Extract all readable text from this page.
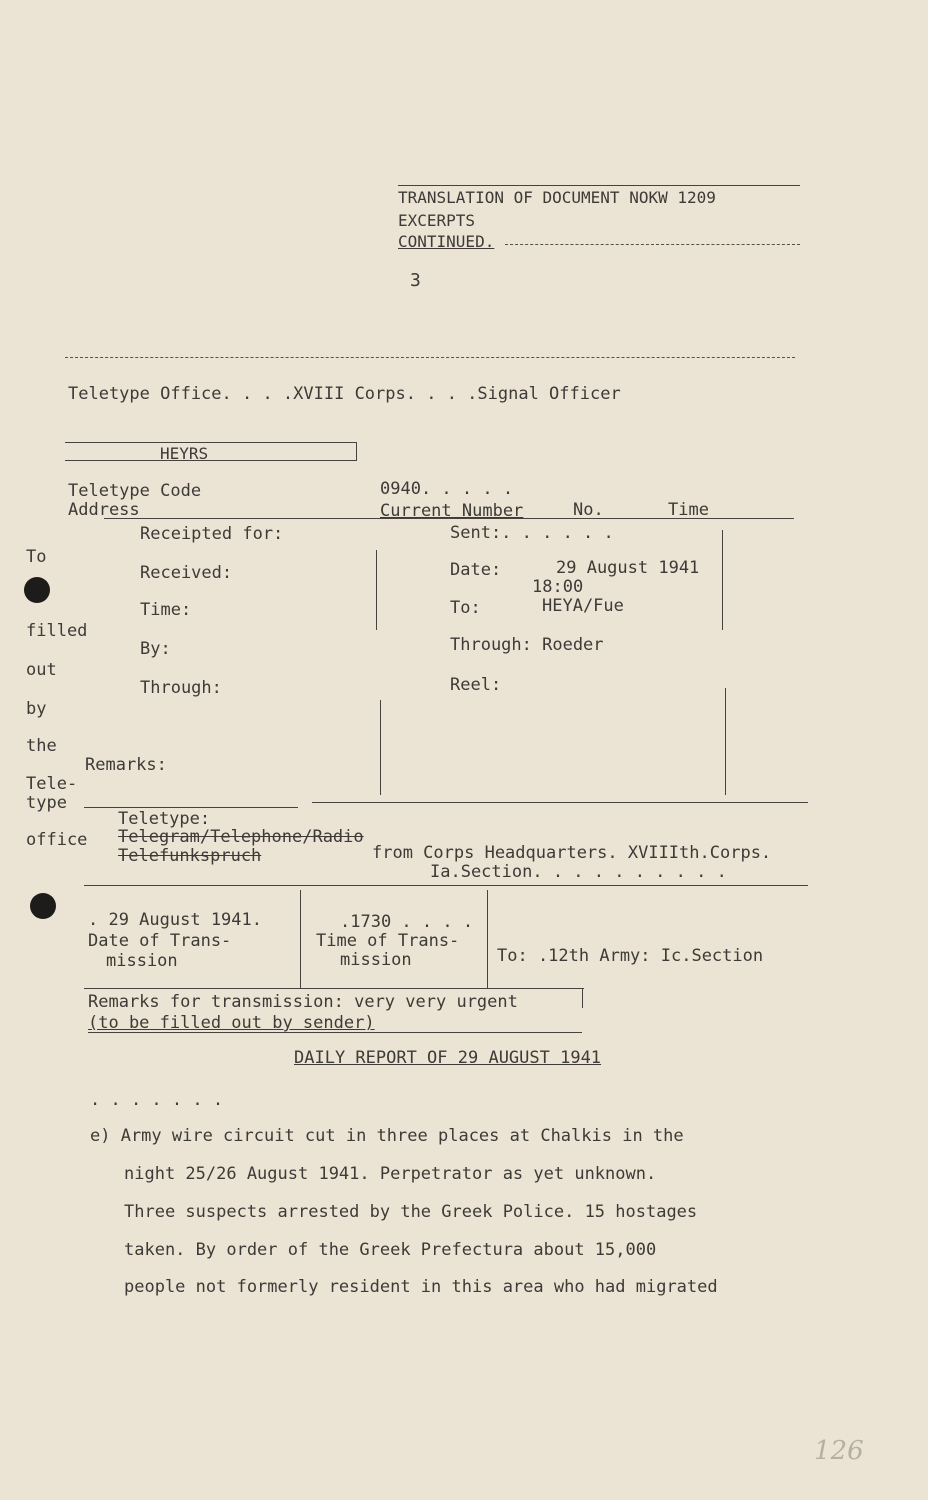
TRANSLATION OF DOCUMENT NOKW 1209
EXCERPTS
CONTINUED.
3
Teletype Office. . . .XVIII Corps. . . .Signal Officer
HEYRS
Teletype Code
Address
0940. . . . .
Current Number	No.	Time
Receipted for:
Received:
Time:
By:
Through:
Remarks:
To
filled
out
by
the
Tele-
type
office
Sent:. . . . . .
Date:	29 August 1941
18:00
To:	HEYA/Fue
Through: Roeder
Reel:
Teletype:
Telegram/Telephone/Radio
Telefunkspruch	from Corps Headquarters. XVIIIth.Corps.
Ia.Section. . . . . . . . . .
. 29 August 1941.
Date of Trans-
mission
.1730 . . . .
Time of Trans-
mission	To: .12th Army: Ic.Section
Remarks for transmission: very very urgent
(to be filled out by sender)
DAILY REPORT OF 29 AUGUST 1941
. . . . . . .
e) Army wire circuit cut in three places at Chalkis in the
night 25/26 August 1941. Perpetrator as yet unknown.
Three suspects arrested by the Greek Police. 15 hostages
taken. By order of the Greek Prefectura about 15,000
people not formerly resident in this area who had migrated
126
